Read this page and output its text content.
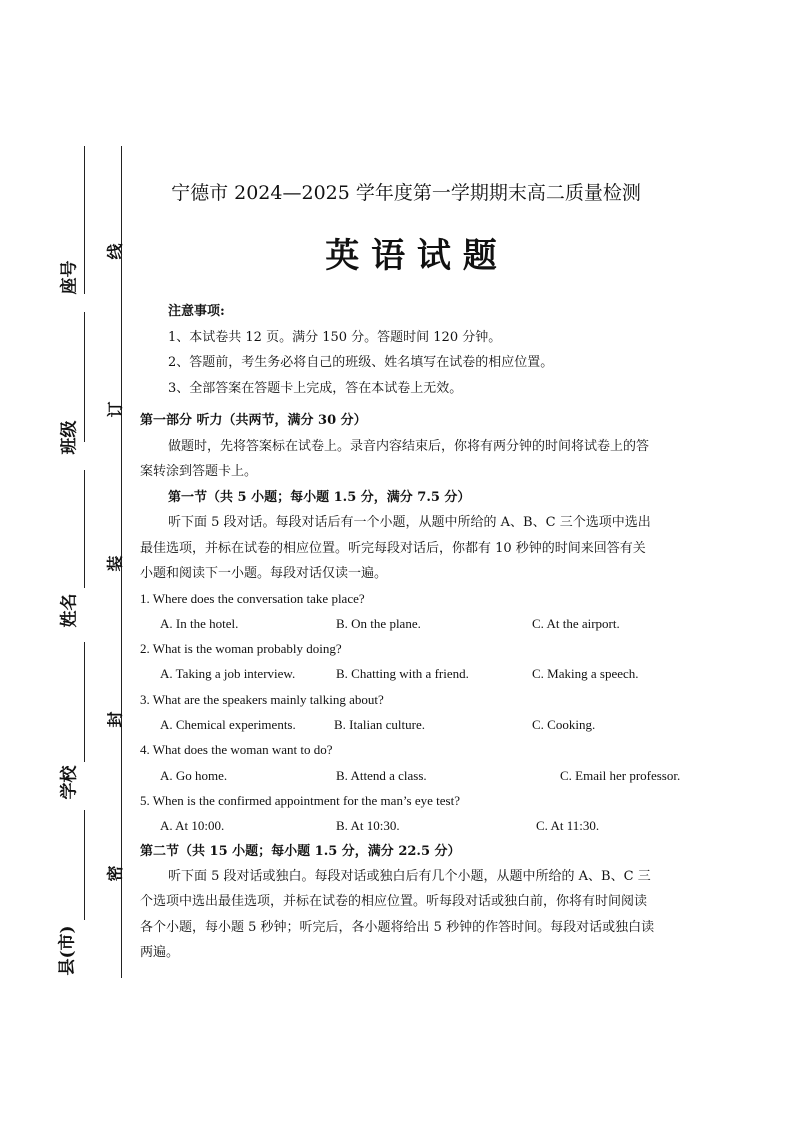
座号
班级
姓名
学校
县(市)
线
订
装
封
密
宁德市 2024—2025 学年度第一学期期末高二质量检测
英 语 试 题
注意事项:
1、本试卷共 12 页。满分 150 分。答题时间 120 分钟。
2、答题前，考生务必将自己的班级、姓名填写在试卷的相应位置。
3、全部答案在答题卡上完成，答在本试卷上无效。
第一部分 听力（共两节，满分 30 分）
做题时，先将答案标在试卷上。录音内容结束后，你将有两分钟的时间将试卷上的答
案转涂到答题卡上。
第一节（共 5 小题；每小题 1.5 分，满分 7.5 分）
听下面 5 段对话。每段对话后有一个小题，从题中所给的 A、B、C 三个选项中选出
最佳选项，并标在试卷的相应位置。听完每段对话后，你都有 10 秒钟的时间来回答有关
小题和阅读下一小题。每段对话仅读一遍。
1. Where does the conversation take place?
A. In the hotel.	B. On the plane.	C. At the airport.
2. What is the woman probably doing?
A. Taking a job interview.	B. Chatting with a friend.	C. Making a speech.
3. What are the speakers mainly talking about?
A. Chemical experiments.	B. Italian culture.	C. Cooking.
4. What does the woman want to do?
A. Go home.	B. Attend a class.	C. Email her professor.
5. When is the confirmed appointment for the man’s eye test?
A. At 10:00.	B. At 10:30.	C. At 11:30.
第二节（共 15 小题；每小题 1.5 分，满分 22.5 分）
听下面 5 段对话或独白。每段对话或独白后有几个小题，从题中所给的 A、B、C 三
个选项中选出最佳选项，并标在试卷的相应位置。听每段对话或独白前，你将有时间阅读
各个小题，每小题 5 秒钟；听完后，各小题将给出 5 秒钟的作答时间。每段对话或独白读
两遍。
